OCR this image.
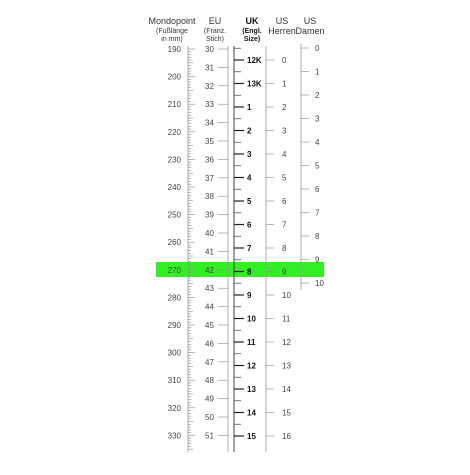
Mondopoint
(Fußlänge
in mm)
EU
(Franz.
Stich)
UK
(Engl.
Size)
US
Herren
US
Damen
190
200
210
220
230
240
250
260
270
280
290
300
310
320
330
30
31
32
33
34
35
36
37
38
39
40
41
42
43
44
45
46
47
48
49
50
51
12K
13K
1
2
3
4
5
6
7
8
9
10
11
12
13
14
15
0
1
2
3
4
5
6
7
8
9
10
11
12
13
14
15
16
0
1
2
3
4
5
6
7
8
9
10
